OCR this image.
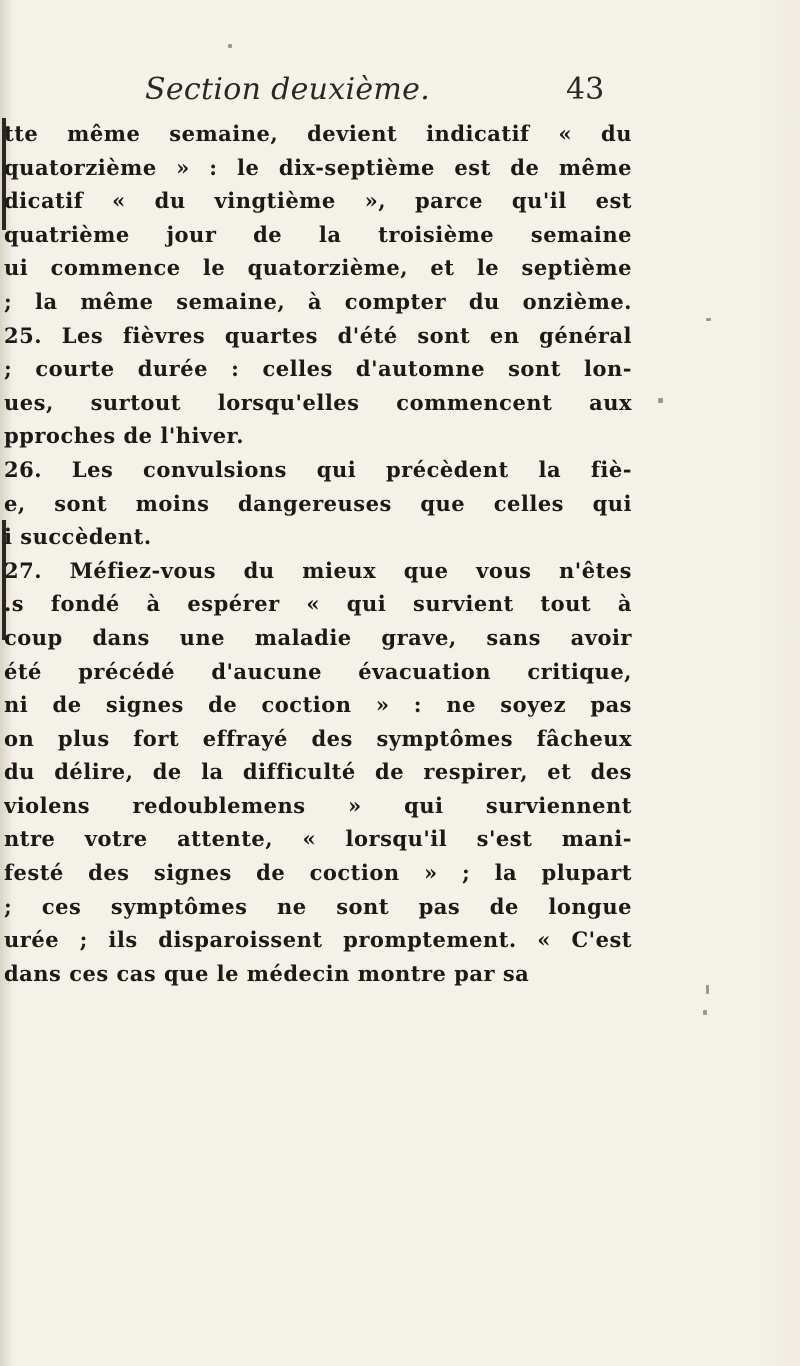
Section deuxième.	43
tte même semaine, devient indicatif « du
quatorzième » : le dix-septième est de même
dicatif « du vingtième », parce qu'il est
quatrième jour de la troisième semaine
ui commence le quatorzième, et le septième
; la même semaine, à compter du onzième.
25. Les fièvres quartes d'été sont en général
; courte durée : celles d'automne sont lon-
ues, surtout lorsqu'elles commencent aux
pproches de l'hiver.
26. Les convulsions qui précèdent la fiè-
e, sont moins dangereuses que celles qui
i succèdent.
27. Méfiez-vous du mieux que vous n'êtes
.s fondé à espérer « qui survient tout à
coup dans une maladie grave, sans avoir
été précédé d'aucune évacuation critique,
ni de signes de coction » : ne soyez pas
on plus fort effrayé des symptômes fâcheux
du délire, de la difficulté de respirer, et des
violens redoublemens » qui surviennent
ntre votre attente, « lorsqu'il s'est mani-
festé des signes de coction » ; la plupart
; ces symptômes ne sont pas de longue
urée ; ils disparoissent promptement. « C'est
dans ces cas que le médecin montre par sa
